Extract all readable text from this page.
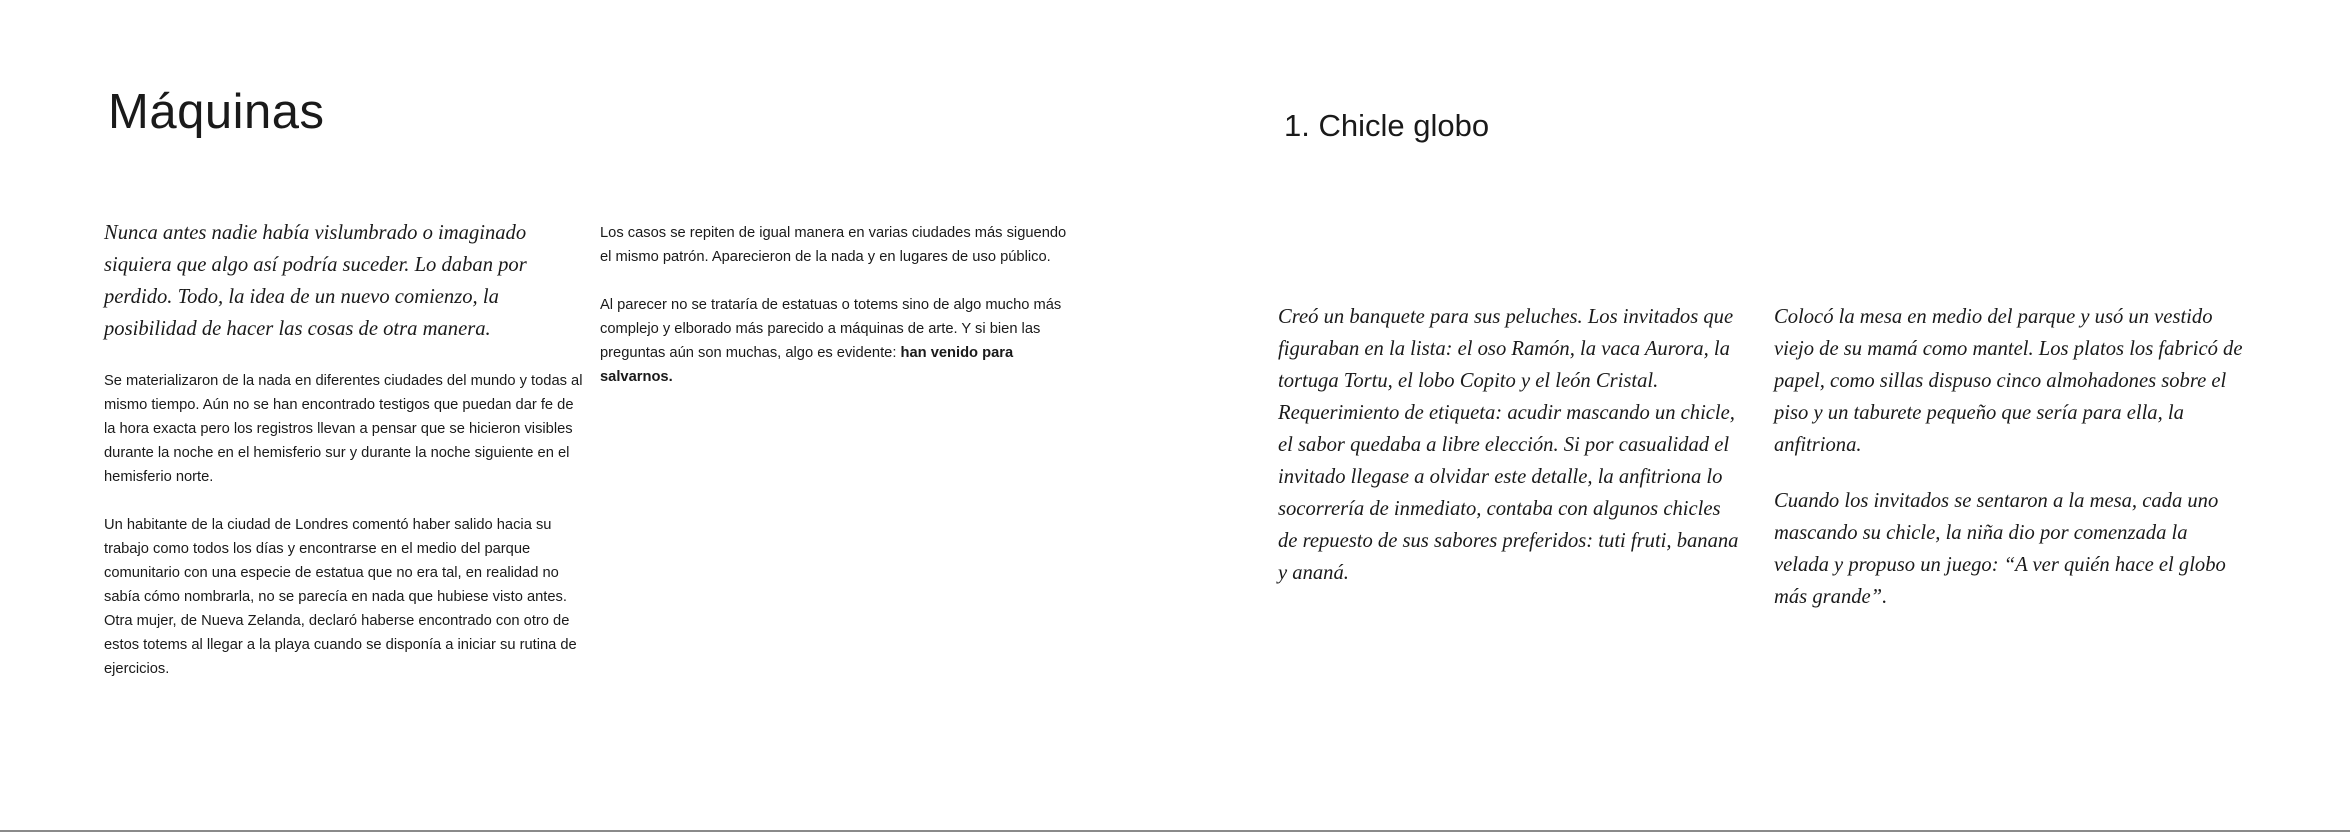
Máquinas

Nunca antes nadie había vislumbrado o imaginado siquiera que algo así podría suceder. Lo daban por perdido. Todo, la idea de un nuevo comienzo, la posibilidad de hacer las cosas de otra manera.

Se materializaron de la nada en diferentes ciudades del mundo y todas al mismo tiempo. Aún no se han encontrado testigos que puedan dar fe de la hora exacta pero los registros llevan a pensar que se hicieron visibles durante la noche en el hemisferio sur y durante la noche siguiente en el hemisferio norte.

Un habitante de la ciudad de Londres comentó haber salido hacia su trabajo como todos los días y encontrarse en el medio del parque comunitario con una especie de estatua que no era tal, en realidad no sabía cómo nombrarla, no se parecía en nada que hubiese visto antes. Otra mujer, de Nueva Zelanda, declaró haberse encontrado con otro de estos totems al llegar a la playa cuando se disponía a iniciar su rutina de ejercicios.

Los casos se repiten de igual manera en varias ciudades más siguendo el mismo patrón. Aparecieron de la nada y en lugares de uso público.

Al parecer no se trataría de estatuas o totems sino de algo mucho más complejo y elborado más parecido a máquinas de arte. Y si bien las preguntas aún son muchas, algo es evidente: han venido para salvarnos.

1. Chicle globo

Creó un banquete para sus peluches. Los invitados que figuraban en la lista: el oso Ramón, la vaca Aurora, la tortuga Tortu, el lobo Copito y el león Cristal. Requerimiento de etiqueta: acudir mascando un chicle, el sabor quedaba a libre elección. Si por casualidad el invitado llegase a olvidar este detalle, la anfitriona lo socorrería de inmediato, contaba con algunos chicles de repuesto de sus sabores preferidos: tuti fruti, banana y ananá.

Colocó la mesa en medio del parque y usó un vestido viejo de su mamá como mantel. Los platos los fabricó de papel, como sillas dispuso cinco almohadones sobre el piso y un taburete pequeño que sería para ella, la anfitriona.

Cuando los invitados se sentaron a la mesa, cada uno mascando su chicle, la niña dio por comenzada la velada y propuso un juego: “A ver quién hace el globo más grande”.
